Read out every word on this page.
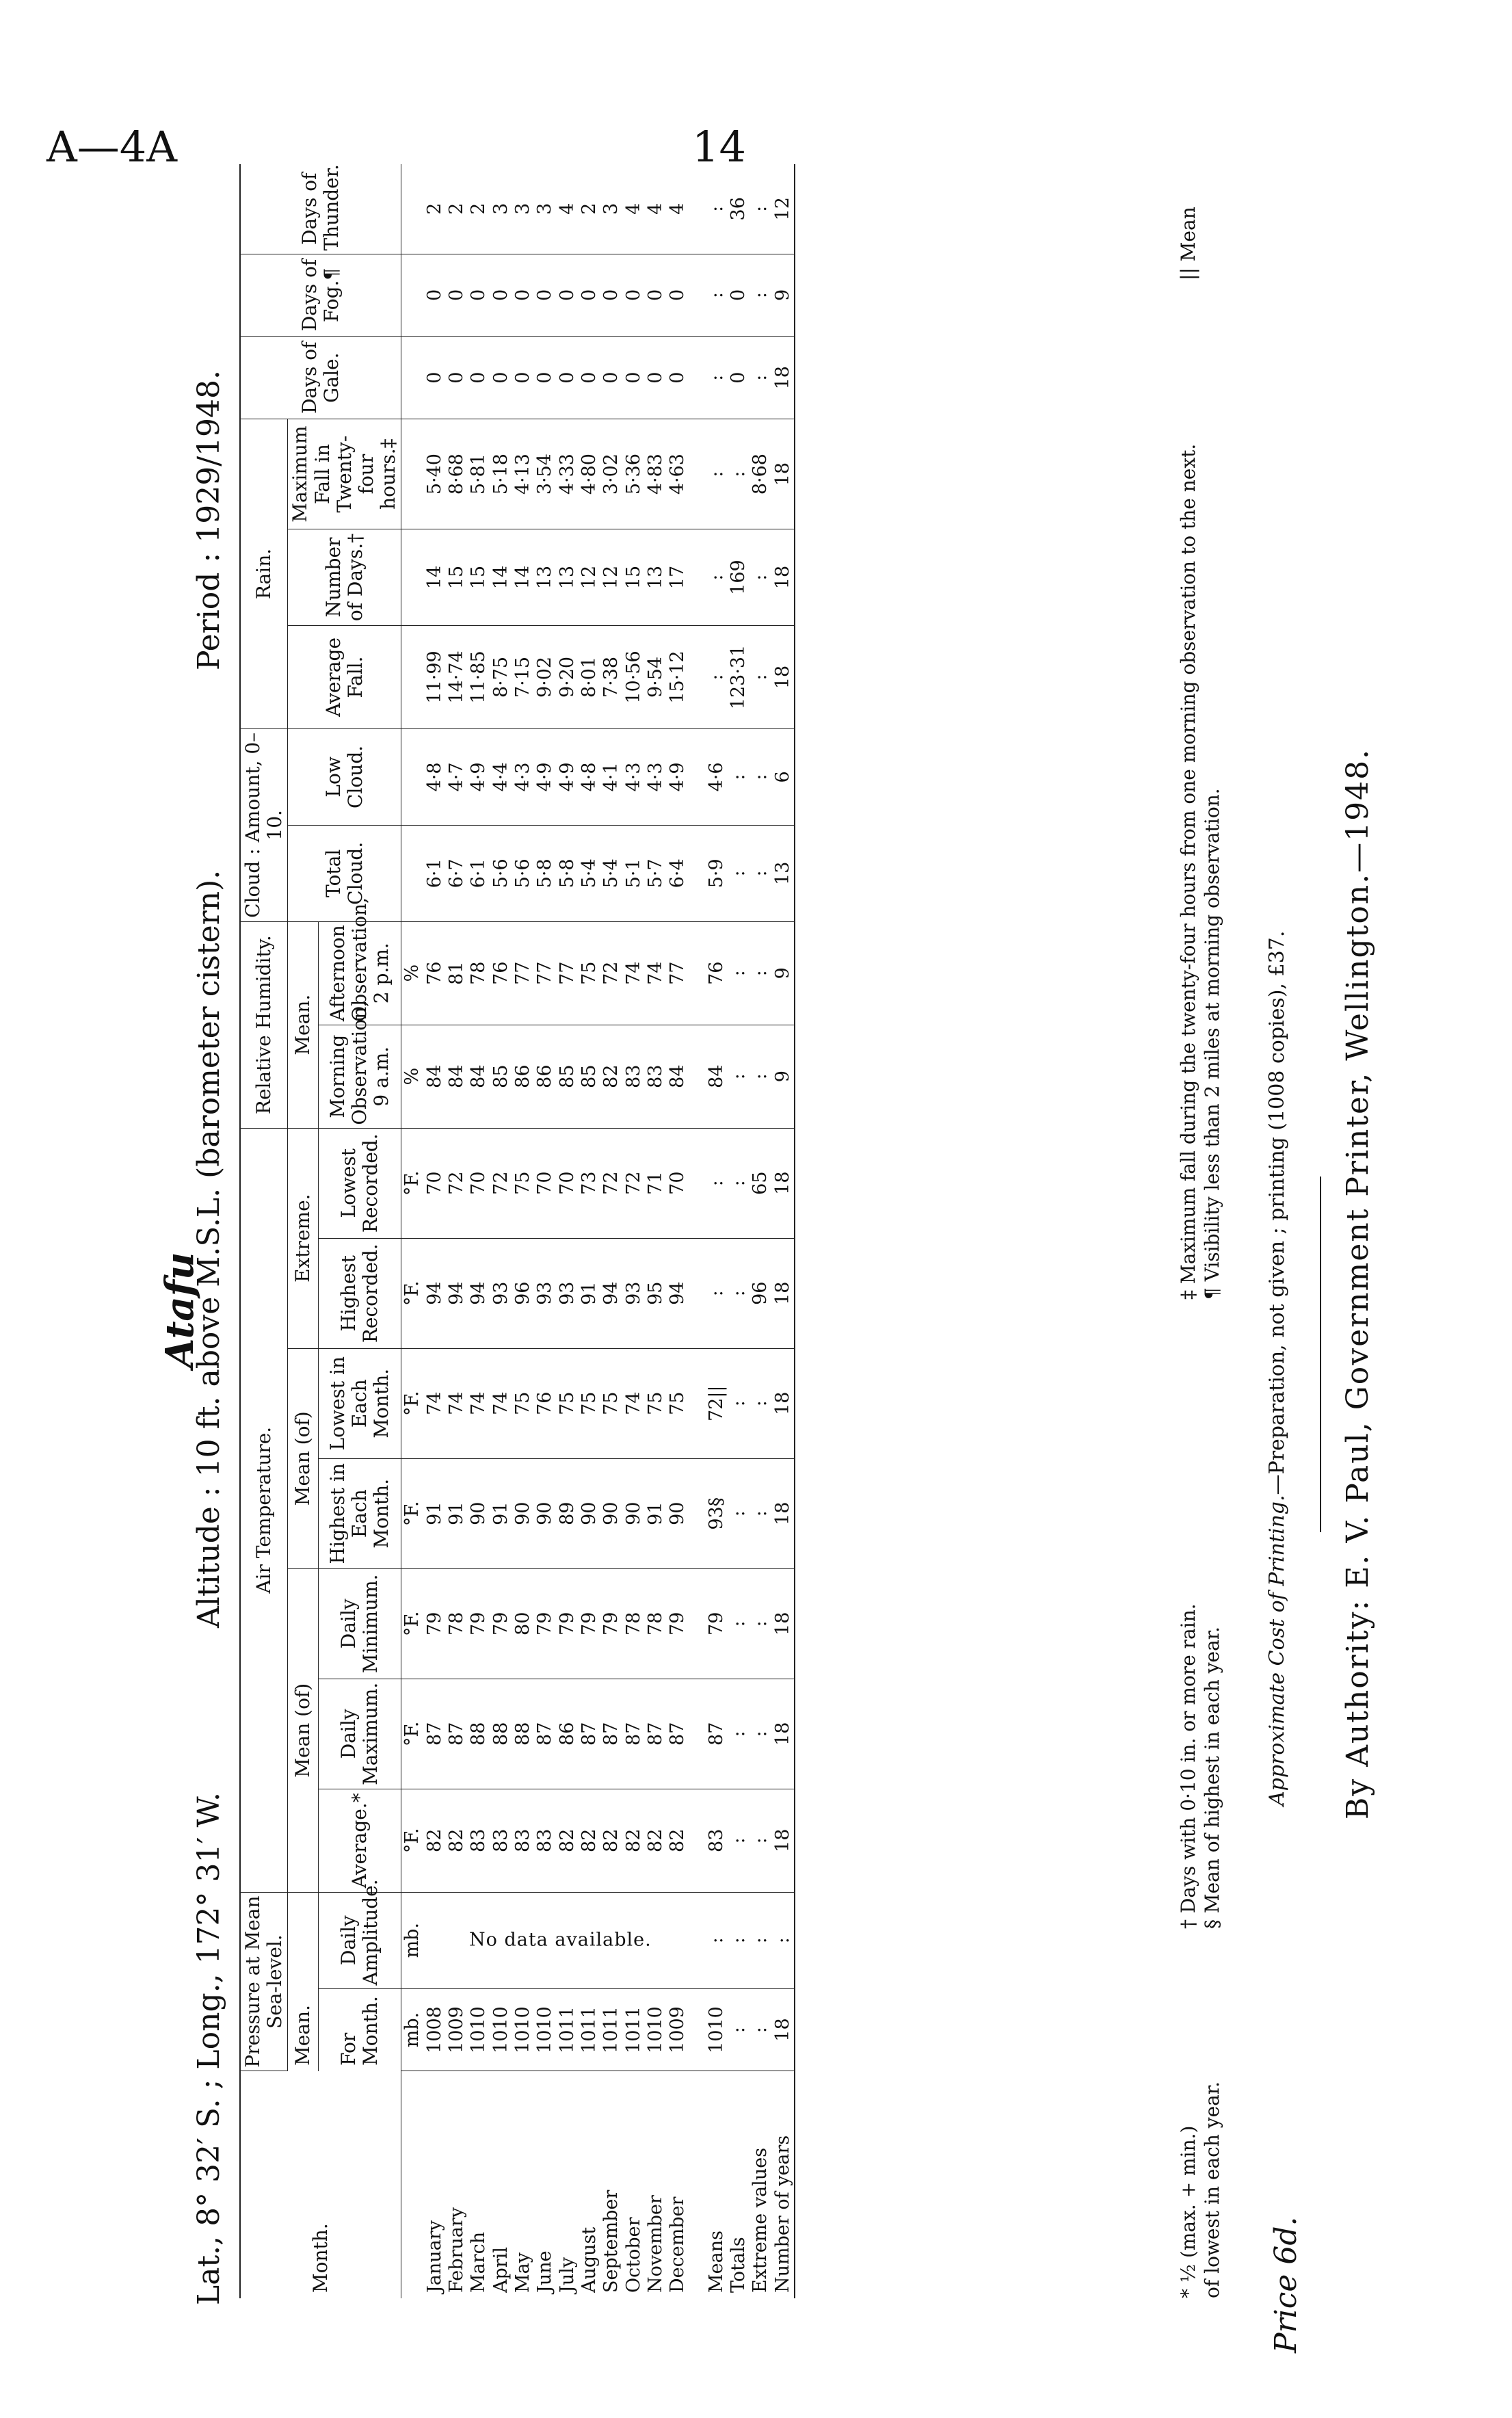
A—4A	14
Price 6d.
Atafu
Lat., 8° 32′ S. ; Long., 172° 31′ W.
Altitude : 10 ft. above M.S.L. (barometer cistern).
Period : 1929/1948.
Month.	Pressure at Mean Sea-level.		Air Temperature.							Relative Humidity.		Cloud : Amount, 0–10.		Rain.			Days of Gale.	Days of Fog.¶	Days of Thunder.
	Mean.		Mean (of)			Mean (of)		Extreme.		Mean.		Total Cloud.	Low Cloud.	Average Fall.	Number of Days.†	Maximum Fall in Twenty-four hours.‡			
	For Month.	Daily Amplitude.	Average.*	Daily Maximum.	Daily Minimum.	Highest in Each Month.	Lowest in Each Month.	Highest Recorded.	Lowest Recorded.	Morning Observation, 9 a.m.	Afternoon Observation, 2 p.m.								
	mb.	mb.	°F.	°F.	°F.	°F.	°F.	°F.	°F.	%	%								
January	1008	No data available.	82	87	79	91	74	94	70	84	76	6·1	4·8	11·99	14	5·40	0	0	2
February	1009		82	87	78	91	74	94	72	84	81	6·7	4·7	14·74	15	8·68	0	0	2
March	1010		83	88	79	90	74	94	70	84	78	6·1	4·9	11·85	15	5·81	0	0	2
April	1010		83	88	79	91	74	93	72	85	76	5·6	4·4	8·75	14	5·18	0	0	3
May	1010		83	88	80	90	75	96	75	86	77	5·6	4·3	7·15	14	4·13	0	0	3
June	1010		83	87	79	90	76	93	70	86	77	5·8	4·9	9·02	13	3·54	0	0	3
July	1011		82	86	79	89	75	93	70	85	77	5·8	4·9	9·20	13	4·33	0	0	4
August	1011		82	87	79	90	75	91	73	85	75	5·4	4·8	8·01	12	4·80	0	0	2
September	1011		82	87	79	90	75	94	72	82	72	5·4	4·1	7·38	12	3·02	0	0	3
October	1011		82	87	78	90	74	93	72	83	74	5·1	4·3	10·56	15	5·36	0	0	4
November	1010		82	87	78	91	75	95	71	83	74	5·7	4·3	9·54	13	4·83	0	0	4
December	1009		82	87	79	90	75	94	70	84	77	6·4	4·9	15·12	17	4·63	0	0	4
Means	1010	:	83	87	79	93§	72||	:	:	84	76	5·9	4·6	:	:	:	:	:	:
Totals	:	:	:	:	:	:	:	:	:	:	:	:	:	123·31	169	:	0	0	36
Extreme values	:	:	:	:	:	:	:	96	65	:	:	:	:	:	:	8·68	:	:	:
Number of years	18	:	18	18	18	18	18	18	18	9	9	13	6	18	18	18	18	9	12
* ½ (max. + min.) of lowest in each year.
† Days with 0·10 in. or more rain. § Mean of highest in each year.
‡ Maximum fall during the twenty-four hours from one morning observation to the next. ¶ Visibility less than 2 miles at morning observation.
|| Mean
Approximate Cost of Printing.—Preparation, not given ; printing (1008 copies), £37. By Authority: E. V. Paul, Government Printer, Wellington.—1948.
